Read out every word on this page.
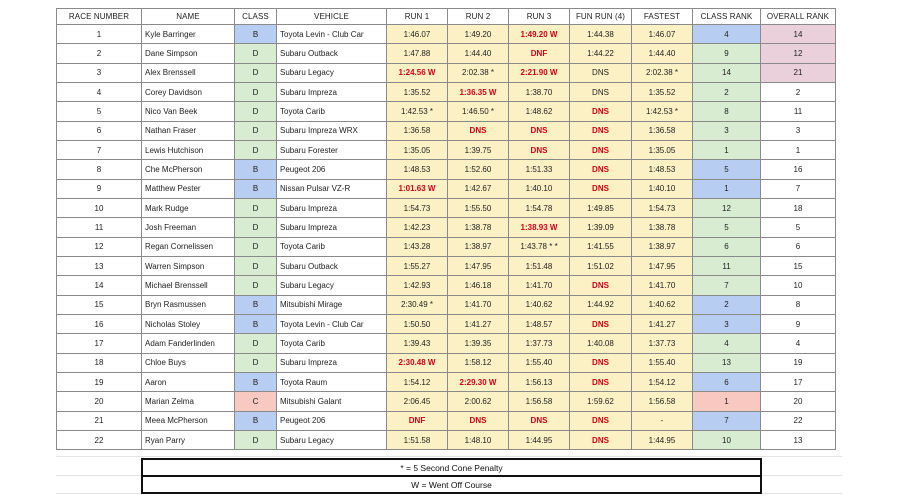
RACE NUMBER	NAME	CLASS	VEHICLE	RUN 1	RUN 2	RUN 3	FUN RUN (4)	FASTEST	CLASS RANK	OVERALL RANK
1	Kyle Barringer	B	Toyota Levin - Club Car	1:46.07	1:49.20	1:49.20 W	1:44.38	1:46.07	4	14
2	Dane Simpson	D	Subaru Outback	1:47.88	1:44.40	DNF	1:44.22	1:44.40	9	12
3	Alex Brenssell	D	Subaru Legacy	1:24.56 W	2:02.38 *	2:21.90 W	DNS	2:02.38 *	14	21
4	Corey Davidson	D	Subaru Impreza	1:35.52	1:36.35 W	1:38.70	DNS	1:35.52	2	2
5	Nico Van Beek	D	Toyota Carib	1:42.53 *	1:46.50 *	1:48.62	DNS	1:42.53 *	8	11
6	Nathan Fraser	D	Subaru Impreza WRX	1:36.58	DNS	DNS	DNS	1:36.58	3	3
7	Lewis Hutchison	D	Subaru Forester	1:35.05	1:39.75	DNS	DNS	1:35.05	1	1
8	Che McPherson	B	Peugeot 206	1:48.53	1:52.60	1:51.33	DNS	1:48.53	5	16
9	Matthew Pester	B	Nissan Pulsar VZ-R	1:01.63 W	1:42.67	1:40.10	DNS	1:40.10	1	7
10	Mark Rudge	D	Subaru Impreza	1:54.73	1:55.50	1:54.78	1:49.85	1:54.73	12	18
11	Josh Freeman	D	Subaru Impreza	1:42.23	1:38.78	1:38.93 W	1:39.09	1:38.78	5	5
12	Regan Cornelissen	D	Toyota Carib	1:43.28	1:38.97	1:43.78 * *	1:41.55	1:38.97	6	6
13	Warren Simpson	D	Subaru Outback	1:55.27	1:47.95	1:51.48	1:51.02	1:47.95	11	15
14	Michael Brenssell	D	Subaru Legacy	1:42.93	1:46.18	1:41.70	DNS	1:41.70	7	10
15	Bryn Rasmussen	B	Mitsubishi Mirage	2:30.49 *	1:41.70	1:40.62	1:44.92	1:40.62	2	8
16	Nicholas Stoley	B	Toyota Levin - Club Car	1:50.50	1:41.27	1:48.57	DNS	1:41.27	3	9
17	Adam Fanderlinden	D	Toyota Carib	1:39.43	1:39.35	1:37.73	1:40.08	1:37.73	4	4
18	Chloe Buys	D	Subaru Impreza	2:30.48 W	1:58.12	1:55.40	DNS	1:55.40	13	19
19	Aaron	B	Toyota Raum	1:54.12	2:29.30 W	1:56.13	DNS	1:54.12	6	17
20	Marian Zelma	C	Mitsubishi Galant	2:06.45	2:00.62	1:56.58	1:59.62	1:56.58	1	20
21	Meea McPherson	B	Peugeot 206	DNF	DNS	DNS	DNS	-	7	22
22	Ryan Parry	D	Subaru Legacy	1:51.58	1:48.10	1:44.95	DNS	1:44.95	10	13
* = 5 Second Cone Penalty
W = Went Off Course
